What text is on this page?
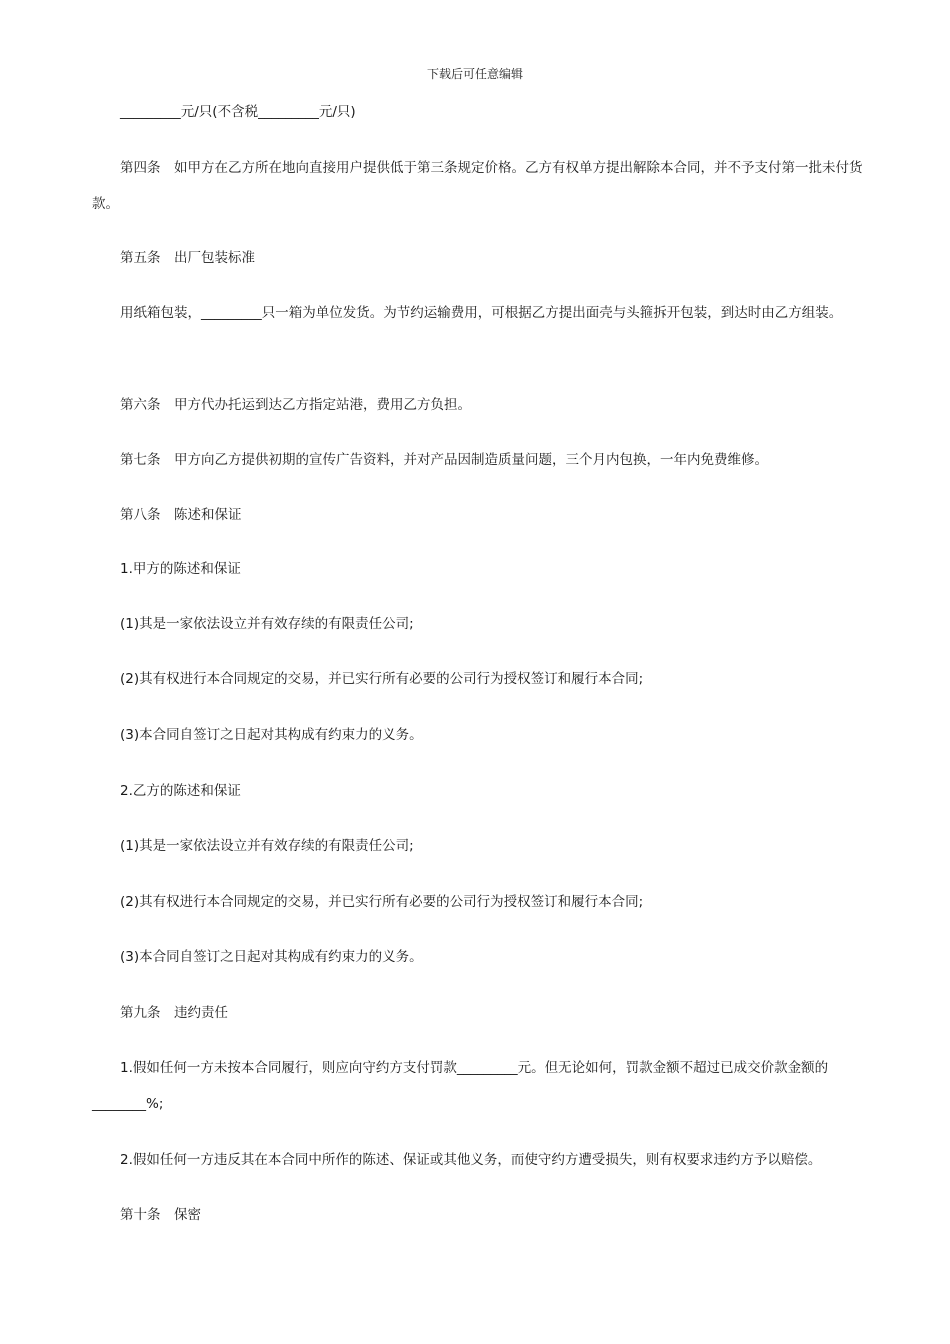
下载后可任意编辑

_________元/只(不含税_________元/只)

第四条　如甲方在乙方所在地向直接用户提供低于第三条规定价格。乙方有权单方提出解除本合同，并不予支付第一批未付货款。

第五条　出厂包装标准

用纸箱包装，_________只一箱为单位发货。为节约运输费用，可根据乙方提出面壳与头箍拆开包装，到达时由乙方组装。

第六条　甲方代办托运到达乙方指定站港，费用乙方负担。

第七条　甲方向乙方提供初期的宣传广告资料，并对产品因制造质量问题，三个月内包换，一年内免费维修。

第八条　陈述和保证

1.甲方的陈述和保证

(1)其是一家依法设立并有效存续的有限责任公司;

(2)其有权进行本合同规定的交易，并已实行所有必要的公司行为授权签订和履行本合同;

(3)本合同自签订之日起对其构成有约束力的义务。

2.乙方的陈述和保证

(1)其是一家依法设立并有效存续的有限责任公司;

(2)其有权进行本合同规定的交易，并已实行所有必要的公司行为授权签订和履行本合同;

(3)本合同自签订之日起对其构成有约束力的义务。

第九条　违约责任

1.假如任何一方未按本合同履行，则应向守约方支付罚款_________元。但无论如何，罚款金额不超过已成交价款金额的________%;

2.假如任何一方违反其在本合同中所作的陈述、保证或其他义务，而使守约方遭受损失，则有权要求违约方予以赔偿。

第十条　保密
